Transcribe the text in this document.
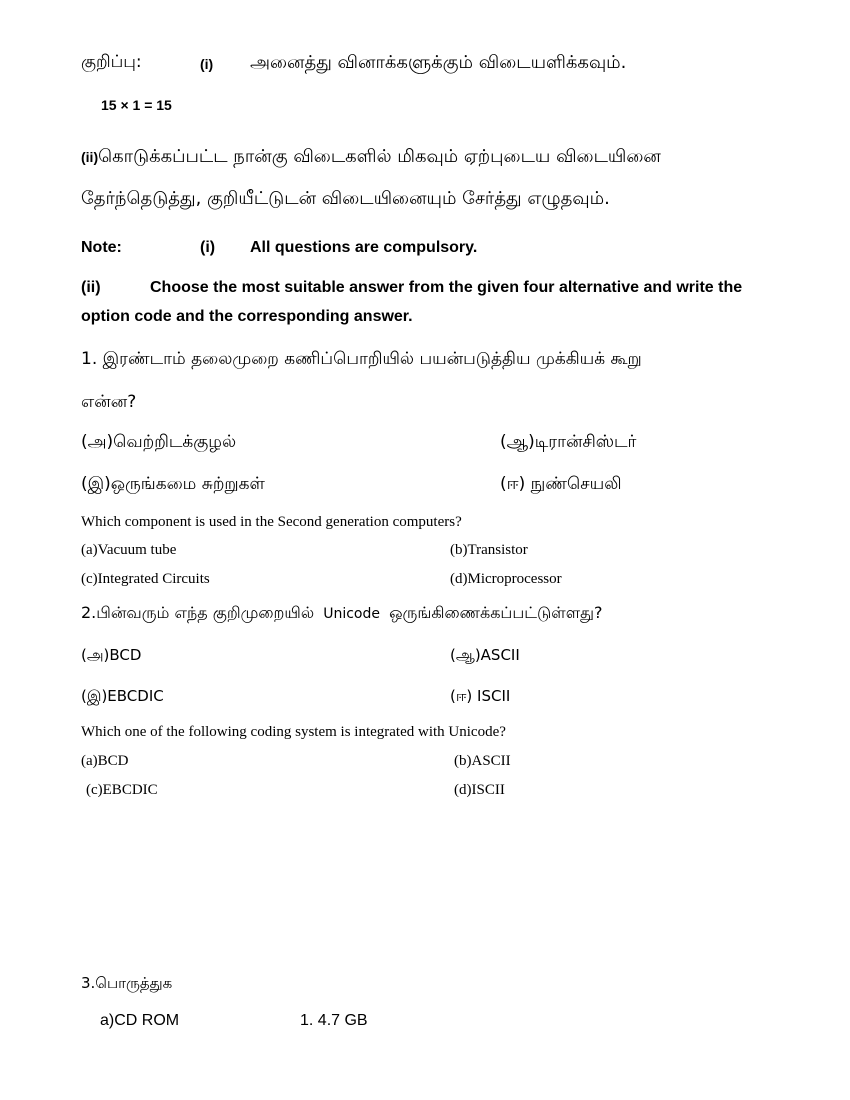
குறிப்பு:	(i) அனைத்து வினாக்களுக்கும் விடையளிக்கவும்.
15 × 1 = 15
(ii)கொடுக்கப்பட்ட நான்கு விடைகளில் மிகவும் ஏற்புடைய விடையினை
தேர்ந்தெடுத்து, குறியீட்டுடன் விடையினையும் சேர்த்து எழுதவும்.
Note:	(i) All questions are compulsory.
(ii)	Choose the most suitable answer from the given four alternative and write the
option code and the corresponding answer.
1. இரண்டாம் தலைமுறை கணிப்பொறியில் பயன்படுத்திய முக்கியக் கூறு
என்ன?
(அ)வெற்றிடக்குழல்	(ஆ)டிரான்சிஸ்டர்
(இ)ஒருங்கமை சுற்றுகள்	(ஈ) நுண்செயலி
Which component is used in the Second generation computers?
(a)Vacuum tube	(b)Transistor
(c)Integrated Circuits	(d)Microprocessor
2.பின்வரும் எந்த குறிமுறையில் Unicode ஒருங்கிணைக்கப்பட்டுள்ளது?
(அ)BCD	(ஆ)ASCII
(இ)EBCDIC	(ஈ) ISCII
Which one of the following coding system is integrated with Unicode?
(a)BCD	(b)ASCII
(c)EBCDIC	(d)ISCII
3.பொருத்துக
a)CD ROM	1. 4.7 GB
